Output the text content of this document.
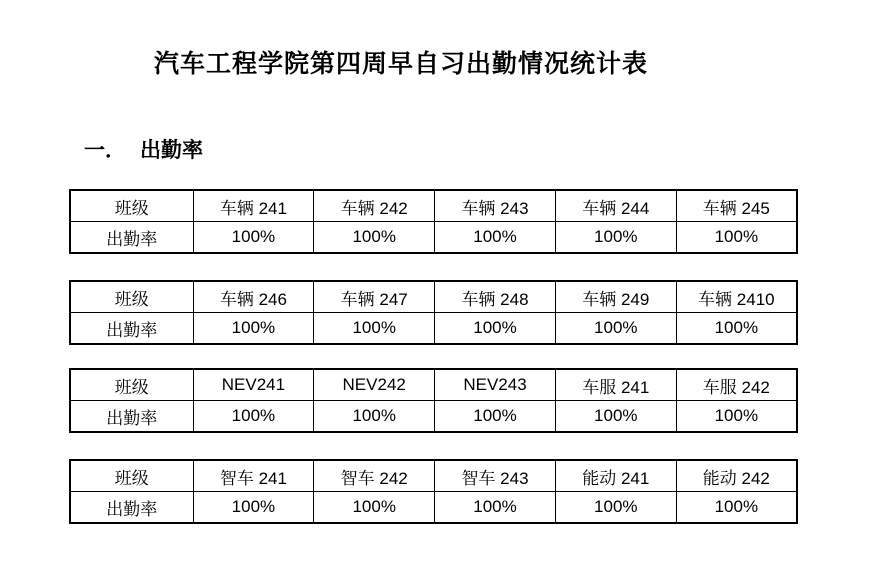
汽车工程学院第四周早自习出勤情况统计表
一． 出勤率
班级	车辆 241	车辆 242	车辆 243	车辆 244	车辆 245
出勤率	100%	100%	100%	100%	100%
班级	车辆 246	车辆 247	车辆 248	车辆 249	车辆 2410
出勤率	100%	100%	100%	100%	100%
班级	NEV241	NEV242	NEV243	车服 241	车服 242
出勤率	100%	100%	100%	100%	100%
班级	智车 241	智车 242	智车 243	能动 241	能动 242
出勤率	100%	100%	100%	100%	100%
